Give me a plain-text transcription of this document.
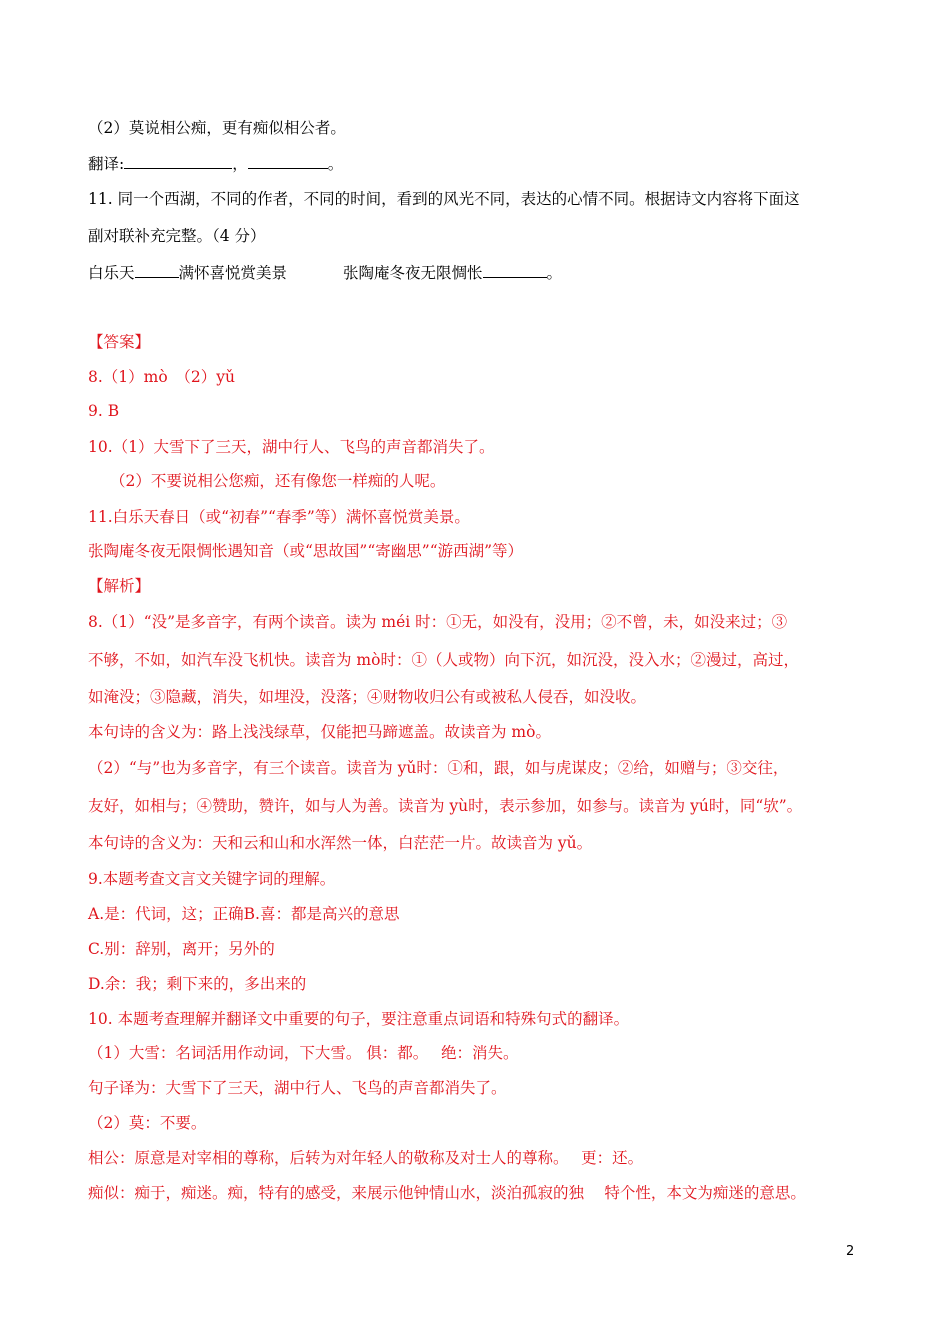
（2）莫说相公痴，更有痴似相公者。
翻译:	，	。
11. 同一个西湖，不同的作者，不同的时间，看到的风光不同，表达的心情不同。根据诗文内容将下面这
副对联补充完整。（4 分）
白乐天	满怀喜悦赏美景	张陶庵冬夜无限惆怅	。
【答案】
8.（1）mò　（2）yǔ
9. B
10.（1）大雪下了三天，湖中行人、飞鸟的声音都消失了。
（2）不要说相公您痴，还有像您一样痴的人呢。
11.白乐天春日（或“初春”“春季”等）满怀喜悦赏美景。
张陶庵冬夜无限惆怅遇知音（或“思故国”“寄幽思”“游西湖”等）
【解析】
8.（1）“没”是多音字，有两个读音。读为 méi 时：①无，如没有，没用；②不曾，未，如没来过；③
不够，不如，如汽车没飞机快。读音为 mò时：①（人或物）向下沉，如沉没，没入水；②漫过，高过，
如淹没；③隐藏，消失，如埋没，没落；④财物收归公有或被私人侵吞，如没收。
本句诗的含义为：路上浅浅绿草，仅能把马蹄遮盖。故读音为 mò。
（2）“与”也为多音字，有三个读音。读音为 yǔ时：①和，跟，如与虎谋皮；②给，如赠与；③交往，
友好，如相与；④赞助，赞许，如与人为善。读音为 yù时，表示参加，如参与。读音为 yú时，同“欤”。
本句诗的含义为：天和云和山和水浑然一体，白茫茫一片。故读音为 yǔ。
9.本题考查文言文关键字词的理解。
A.是：代词，这；正确B.喜：都是高兴的意思
C.别：辞别，离开；另外的
D.余：我；剩下来的，多出来的
10. 本题考查理解并翻译文中重要的句子，要注意重点词语和特殊句式的翻译。
（1）大雪：名词活用作动词，下大雪。 俱：都。　 绝：消失。
句子译为：大雪下了三天，湖中行人、飞鸟的声音都消失了。
（2）莫：不要。
相公：原意是对宰相的尊称，后转为对年轻人的敬称及对士人的尊称。　 更：还。
痴似：痴于，痴迷。痴，特有的感受，来展示他钟情山水，淡泊孤寂的独　 特个性，本文为痴迷的意思。
2
